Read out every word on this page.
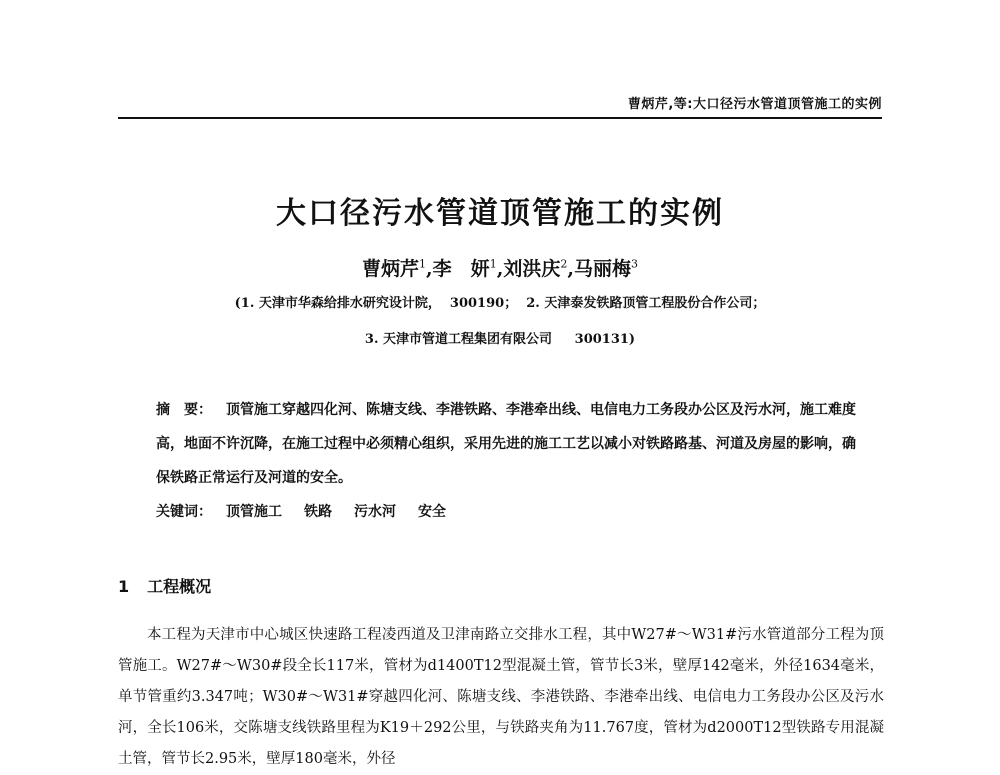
曹炳芹,等:大口径污水管道顶管施工的实例
大口径污水管道顶管施工的实例
曹炳芹$^1$,李　妍$^1$,刘洪庆$^2$,马丽梅$^3$
(1. 天津市华森给排水研究设计院，  300190；  2. 天津泰发铁路顶管工程股份合作公司；
3. 天津市管道工程集团有限公司     300131)

摘　要： 顶管施工穿越四化河、陈塘支线、李港铁路、李港牵出线、电信电力工务段办公区及污水河，施工难度高，地面不许沉降，在施工过程中必须精心组织，采用先进的施工工艺以减小对铁路路基、河道及房屋的影响，确保铁路正常运行及河道的安全。

关键词： 顶管施工 铁路 污水河 安全

1 工程概况

本工程为天津市中心城区快速路工程凌西道及卫津南路立交排水工程，其中W27#～W31#污水管道部分工程为顶管施工。W27#～W30#段全长117米，管材为d1400T12型混凝土管，管节长3米，壁厚142毫米，外径1634毫米，单节管重约3.347吨；W30#～W31#穿越四化河、陈塘支线、李港铁路、李港牵出线、电信电力工务段办公区及污水河，全长106米，交陈塘支线铁路里程为K19＋292公里，与铁路夹角为11.767度，管材为d2000T12型铁路专用混凝土管，管节长2.95米，壁厚180毫米，外径
